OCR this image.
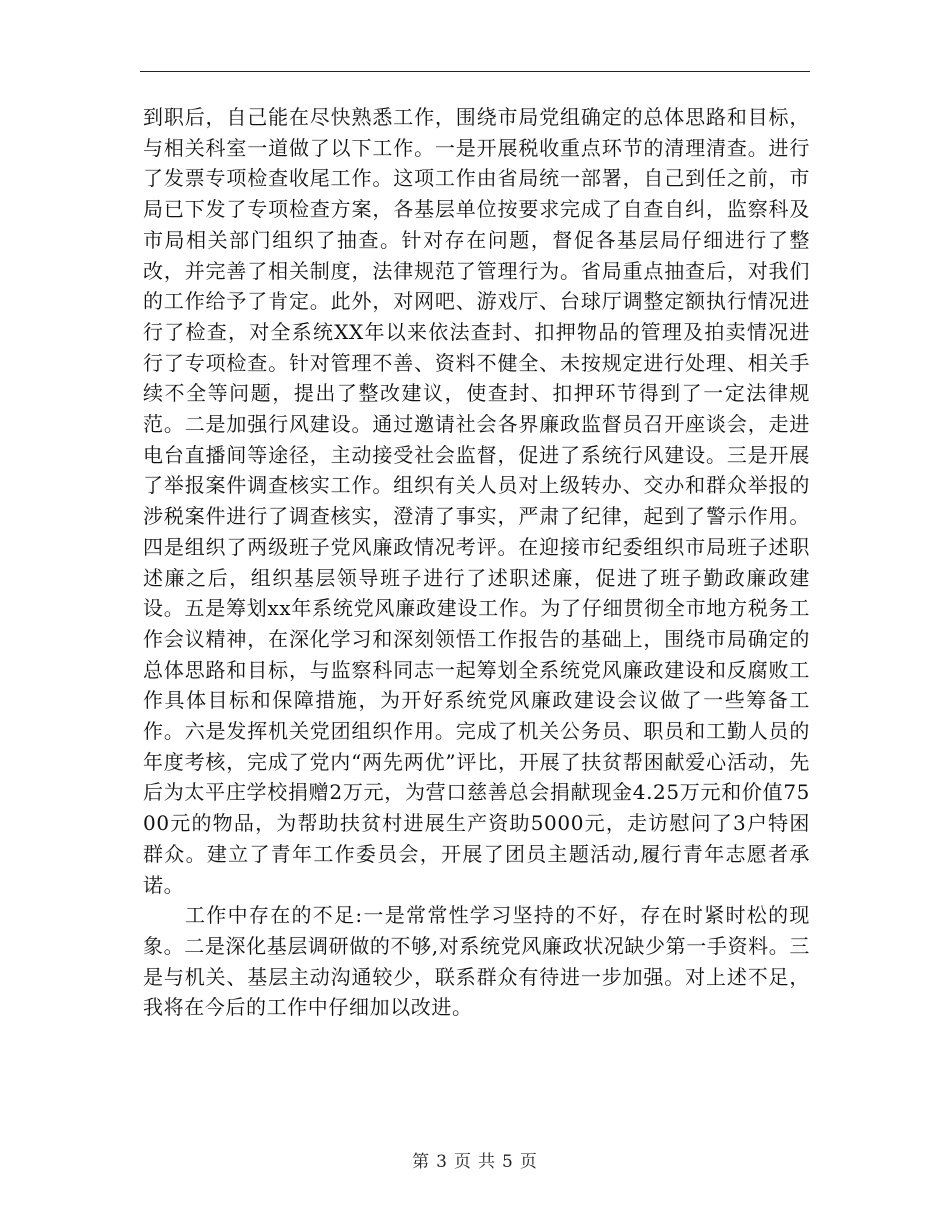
到职后，自己能在尽快熟悉工作，围绕市局党组确定的总体思路和目标，与相关科室一道做了以下工作。一是开展税收重点环节的清理清查。进行了发票专项检查收尾工作。这项工作由省局统一部署，自己到任之前，市局已下发了专项检查方案，各基层单位按要求完成了自查自纠，监察科及市局相关部门组织了抽查。针对存在问题，督促各基层局仔细进行了整改，并完善了相关制度，法律规范了管理行为。省局重点抽查后，对我们的工作给予了肯定。此外，对网吧、游戏厅、台球厅调整定额执行情况进行了检查，对全系统XX年以来依法查封、扣押物品的管理及拍卖情况进行了专项检查。针对管理不善、资料不健全、未按规定进行处理、相关手续不全等问题，提出了整改建议，使查封、扣押环节得到了一定法律规范。二是加强行风建设。通过邀请社会各界廉政监督员召开座谈会，走进电台直播间等途径，主动接受社会监督，促进了系统行风建设。三是开展了举报案件调查核实工作。组织有关人员对上级转办、交办和群众举报的涉税案件进行了调查核实，澄清了事实，严肃了纪律，起到了警示作用。四是组织了两级班子党风廉政情况考评。在迎接市纪委组织市局班子述职述廉之后，组织基层领导班子进行了述职述廉，促进了班子勤政廉政建设。五是筹划xx年系统党风廉政建设工作。为了仔细贯彻全市地方税务工作会议精神，在深化学习和深刻领悟工作报告的基础上，围绕市局确定的总体思路和目标，与监察科同志一起筹划全系统党风廉政建设和反腐败工作具体目标和保障措施，为开好系统党风廉政建设会议做了一些筹备工作。六是发挥机关党团组织作用。完成了机关公务员、职员和工勤人员的年度考核，完成了党内“两先两优”评比，开展了扶贫帮困献爱心活动，先后为太平庄学校捐赠2万元，为营口慈善总会捐献现金4.25万元和价值7500元的物品，为帮助扶贫村进展生产资助5000元，走访慰问了3户特困群众。建立了青年工作委员会，开展了团员主题活动,履行青年志愿者承诺。

工作中存在的不足:一是常常性学习坚持的不好，存在时紧时松的现象。二是深化基层调研做的不够,对系统党风廉政状况缺少第一手资料。三是与机关、基层主动沟通较少，联系群众有待进一步加强。对上述不足，我将在今后的工作中仔细加以改进。

第 3 页 共 5 页
